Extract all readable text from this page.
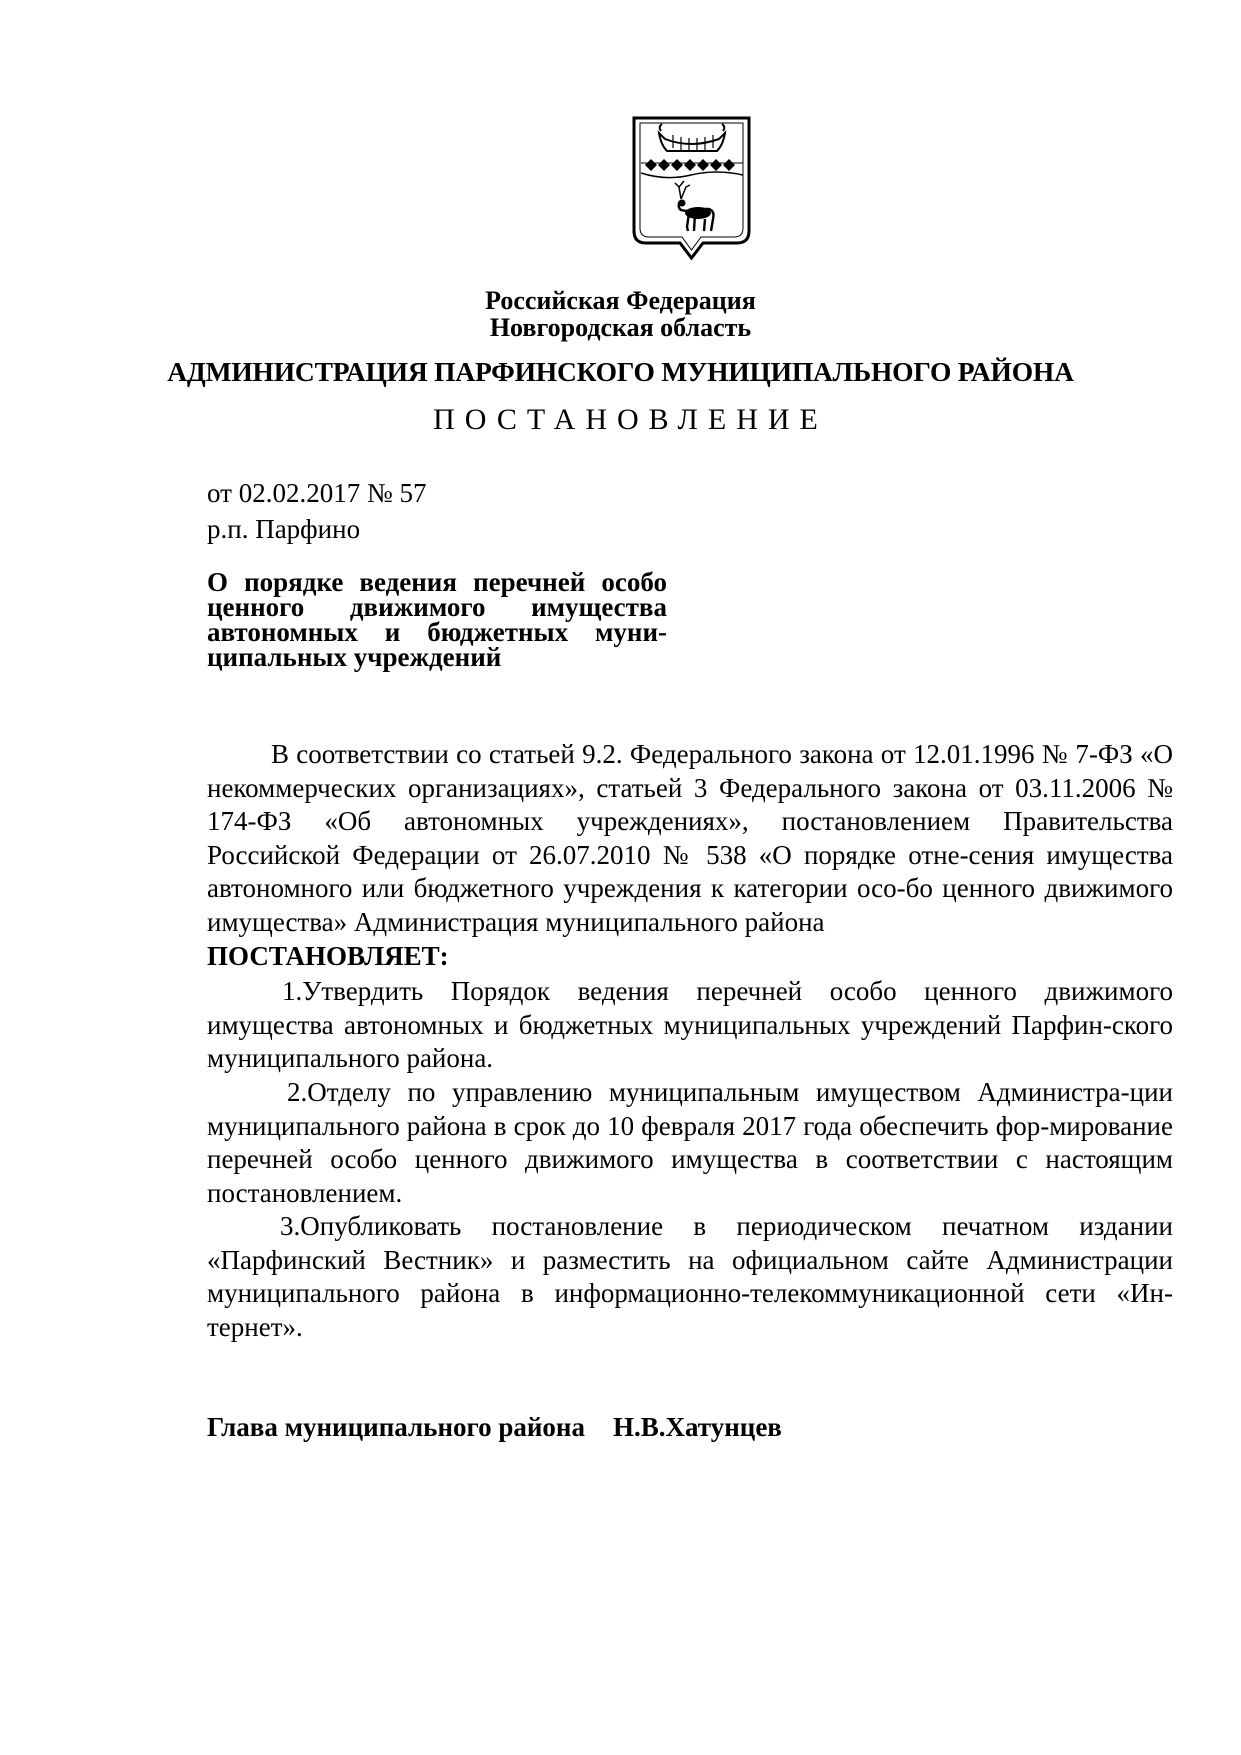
Российская Федерация
Новгородская область
АДМИНИСТРАЦИЯ ПАРФИНСКОГО МУНИЦИПАЛЬНОГО РАЙОНА
ПОСТАНОВЛЕНИЕ
от 02.02.2017 № 57
р.п. Парфино
О порядке ведения перечней особо
ценного движимого имущества
автономных и бюджетных муни-
ципальных учреждений

В соответствии со статьей 9.2. Федерального закона от 12.01.1996 № 7-ФЗ «О некоммерческих организациях», статьей 3 Федерального закона от 03.11.2006 № 174-ФЗ «Об автономных учреждениях», постановлением Правительства Российской Федерации от 26.07.2010 № 538 «О порядке отне-сения имущества автономного или бюджетного учреждения к категории осо-бо ценного движимого имущества» Администрация муниципального района

ПОСТАНОВЛЯЕТ:

1.Утвердить Порядок ведения перечней особо ценного движимого имущества автономных и бюджетных муниципальных учреждений Парфин-ского муниципального района.

2.Отделу по управлению муниципальным имуществом Администра-ции муниципального района в срок до 10 февраля 2017 года обеспечить фор-мирование перечней особо ценного движимого имущества в соответствии с настоящим постановлением.

3.Опубликовать постановление в периодическом печатном издании «Парфинский Вестник» и разместить на официальном сайте Администрации муниципального района в информационно-телекоммуникационной сети «Ин-тернет».

Глава муниципального района Н.В.Хатунцев
